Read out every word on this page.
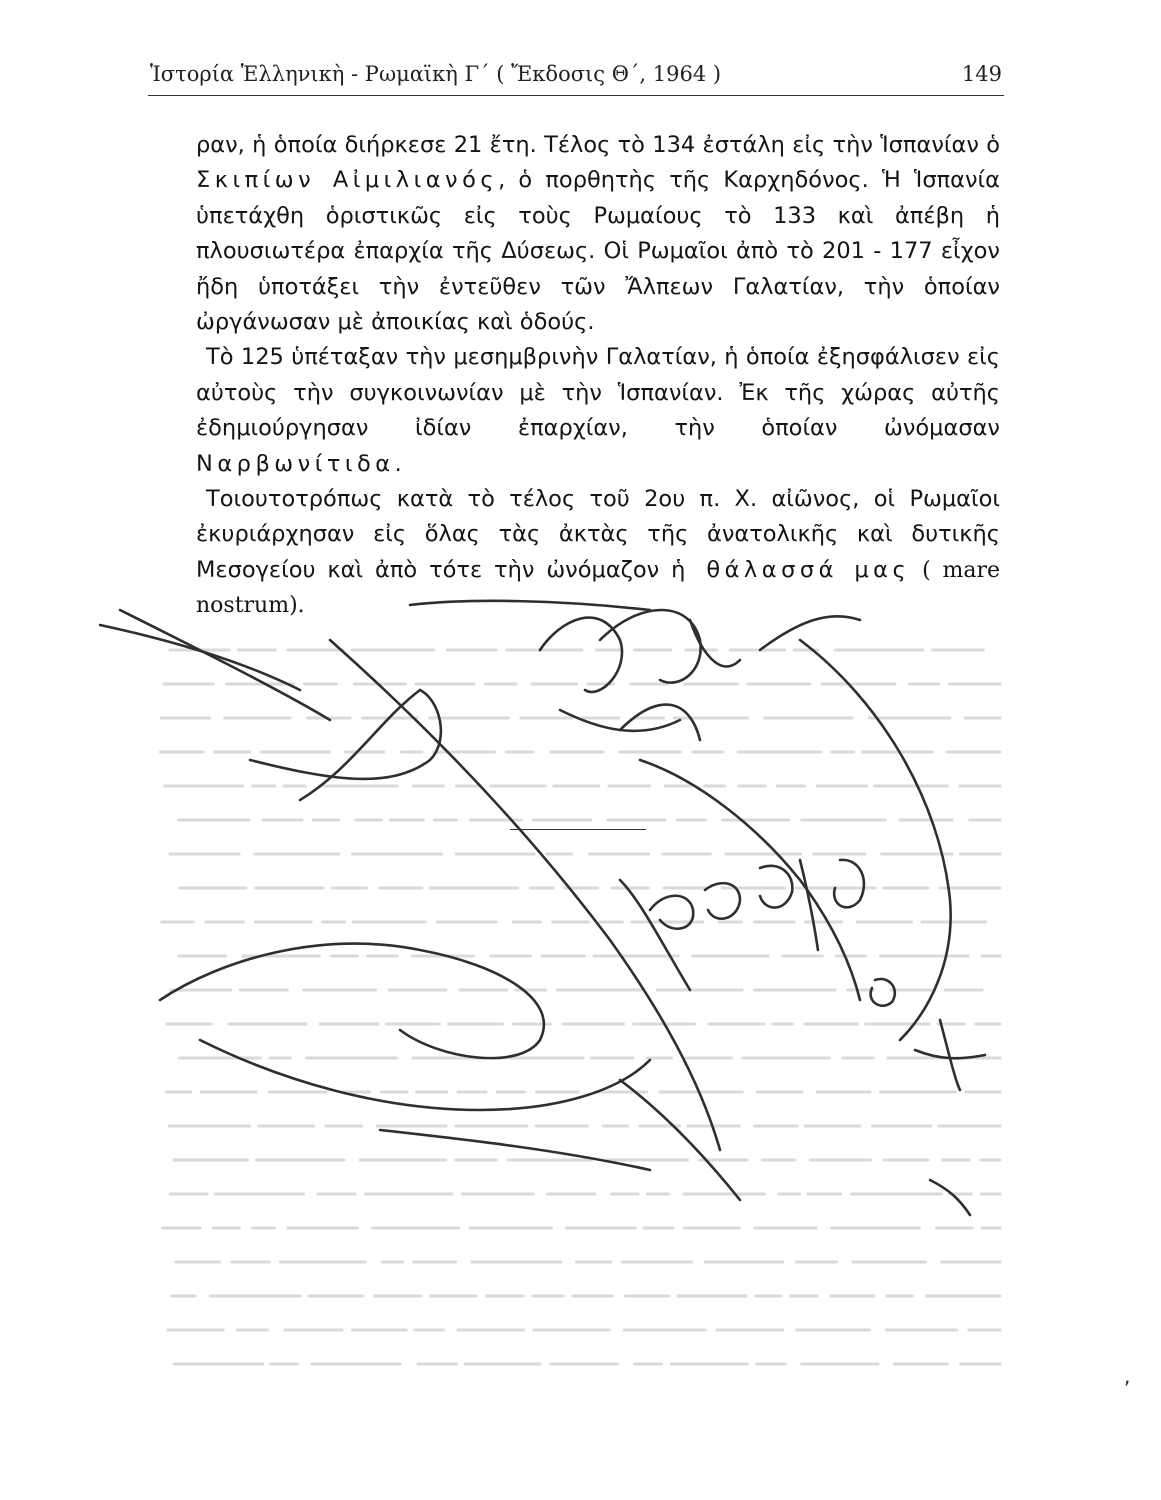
Ἱστορία Ἑλληνικὴ - Ρωμαϊκὴ Γ΄ ( Ἔκδοσις Θ΄, 1964 )	149

ραν, ἡ ὁποία διήρκεσε 21 ἔτη. Τέλος τὸ 134 ἐστάλη εἰς τὴν Ἱσπανίαν ὁ Σκιπίων Αἰμιλιανός, ὁ πορθητὴς τῆς Καρχηδόνος. Ἡ Ἱσπανία ὑπετάχθη ὁριστικῶς εἰς τοὺς Ρωμαίους τὸ 133 καὶ ἀπέβη ἡ πλουσιωτέρα ἐπαρχία τῆς Δύσεως. Οἱ Ρωμαῖοι ἀπὸ τὸ 201 - 177 εἶχον ἤδη ὑποτάξει τὴν ἐντεῦθεν τῶν Ἄλπεων Γαλατίαν, τὴν ὁποίαν ὠργάνωσαν μὲ ἀποικίας καὶ ὁδούς.

Τὸ 125 ὑπέταξαν τὴν μεσημβρινὴν Γαλατίαν, ἡ ὁποία ἐξησφάλισεν εἰς αὐτοὺς τὴν συγκοινωνίαν μὲ τὴν Ἱσπανίαν. Ἐκ τῆς χώρας αὐτῆς ἐδημιούργησαν ἰδίαν ἐπαρχίαν, τὴν ὁποίαν ὠνόμασαν Ναρβωνίτιδα.

Τοιουτοτρόπως κατὰ τὸ τέλος τοῦ 2ου π. Χ. αἰῶνος, οἱ Ρωμαῖοι ἐκυριάρχησαν εἰς ὅλας τὰς ἀκτὰς τῆς ἀνατολικῆς καὶ δυτικῆς Μεσογείου καὶ ἀπὸ τότε τὴν ὠνόμαζον ἡ θάλασσά μας ( mare nostrum).

,
